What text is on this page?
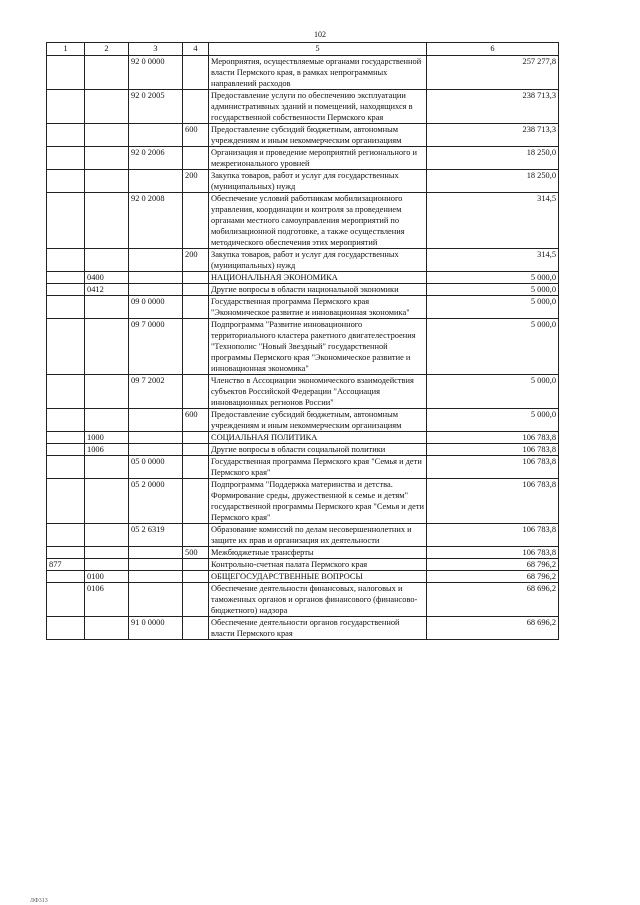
102
1	2	3	4	5	6
		92 0 0000		Мероприятия, осуществляемые органами государственной власти Пермского края, в рамках непрограммных направлений расходов	257 277,8
		92 0 2005		Предоставление услуги по обеспечению эксплуатации административных зданий и помещений, находящихся в государственной собственности Пермского края	238 713,3
			600	Предоставление субсидий бюджетным, автономным учреждениям и иным некоммерческим организациям	238 713,3
		92 0 2006		Организация и проведение мероприятий регионального и межрегионального уровней	18 250,0
			200	Закупка товаров, работ и услуг для государственных (муниципальных) нужд	18 250,0
		92 0 2008		Обеспечение условий работникам мобилизационного управления, координации и контроля за проведением органами местного самоуправления мероприятий по мобилизационной подготовке, а также осуществления методического обеспечения этих мероприятий	314,5
			200	Закупка товаров, работ и услуг для государственных (муниципальных) нужд	314,5
	0400			НАЦИОНАЛЬНАЯ ЭКОНОМИКА	5 000,0
	0412			Другие вопросы в области национальной экономики	5 000,0
		09 0 0000		Государственная программа Пермского края "Экономическое развитие и инновационная экономика"	5 000,0
		09 7 0000		Подпрограмма "Развитие инновационного территориального кластера ракетного двигателестроения "Технополис "Новый Звездный" государственной программы Пермского края "Экономическое развитие и инновационная экономика"	5 000,0
		09 7 2002		Членство в Ассоциации экономического взаимодействия субъектов Российской Федерации "Ассоциация инновационных регионов России"	5 000,0
			600	Предоставление субсидий бюджетным, автономным учреждениям и иным некоммерческим организациям	5 000,0
	1000			СОЦИАЛЬНАЯ ПОЛИТИКА	106 783,8
	1006			Другие вопросы в области социальной политики	106 783,8
		05 0 0000		Государственная программа Пермского края "Семья и дети Пермского края"	106 783,8
		05 2 0000		Подпрограмма "Поддержка материнства и детства. Формирование среды, дружественной к семье и детям" государственной программы Пермского края "Семья и дети Пермского края"	106 783,8
		05 2 6319		Образование комиссий по делам несовершеннолетних и защите их прав и организация их деятельности	106 783,8
			500	Межбюджетные трансферты	106 783,8
877				Контрольно-счетная палата Пермского края	68 796,2
	0100			ОБЩЕГОСУДАРСТВЕННЫЕ ВОПРОСЫ	68 796,2
	0106			Обеспечение деятельности финансовых, налоговых и таможенных органов и органов финансового (финансово-бюджетного) надзора	68 696,2
		91 0 0000		Обеспечение деятельности органов государственной власти Пермского края	68 696,2
ЛФ313
